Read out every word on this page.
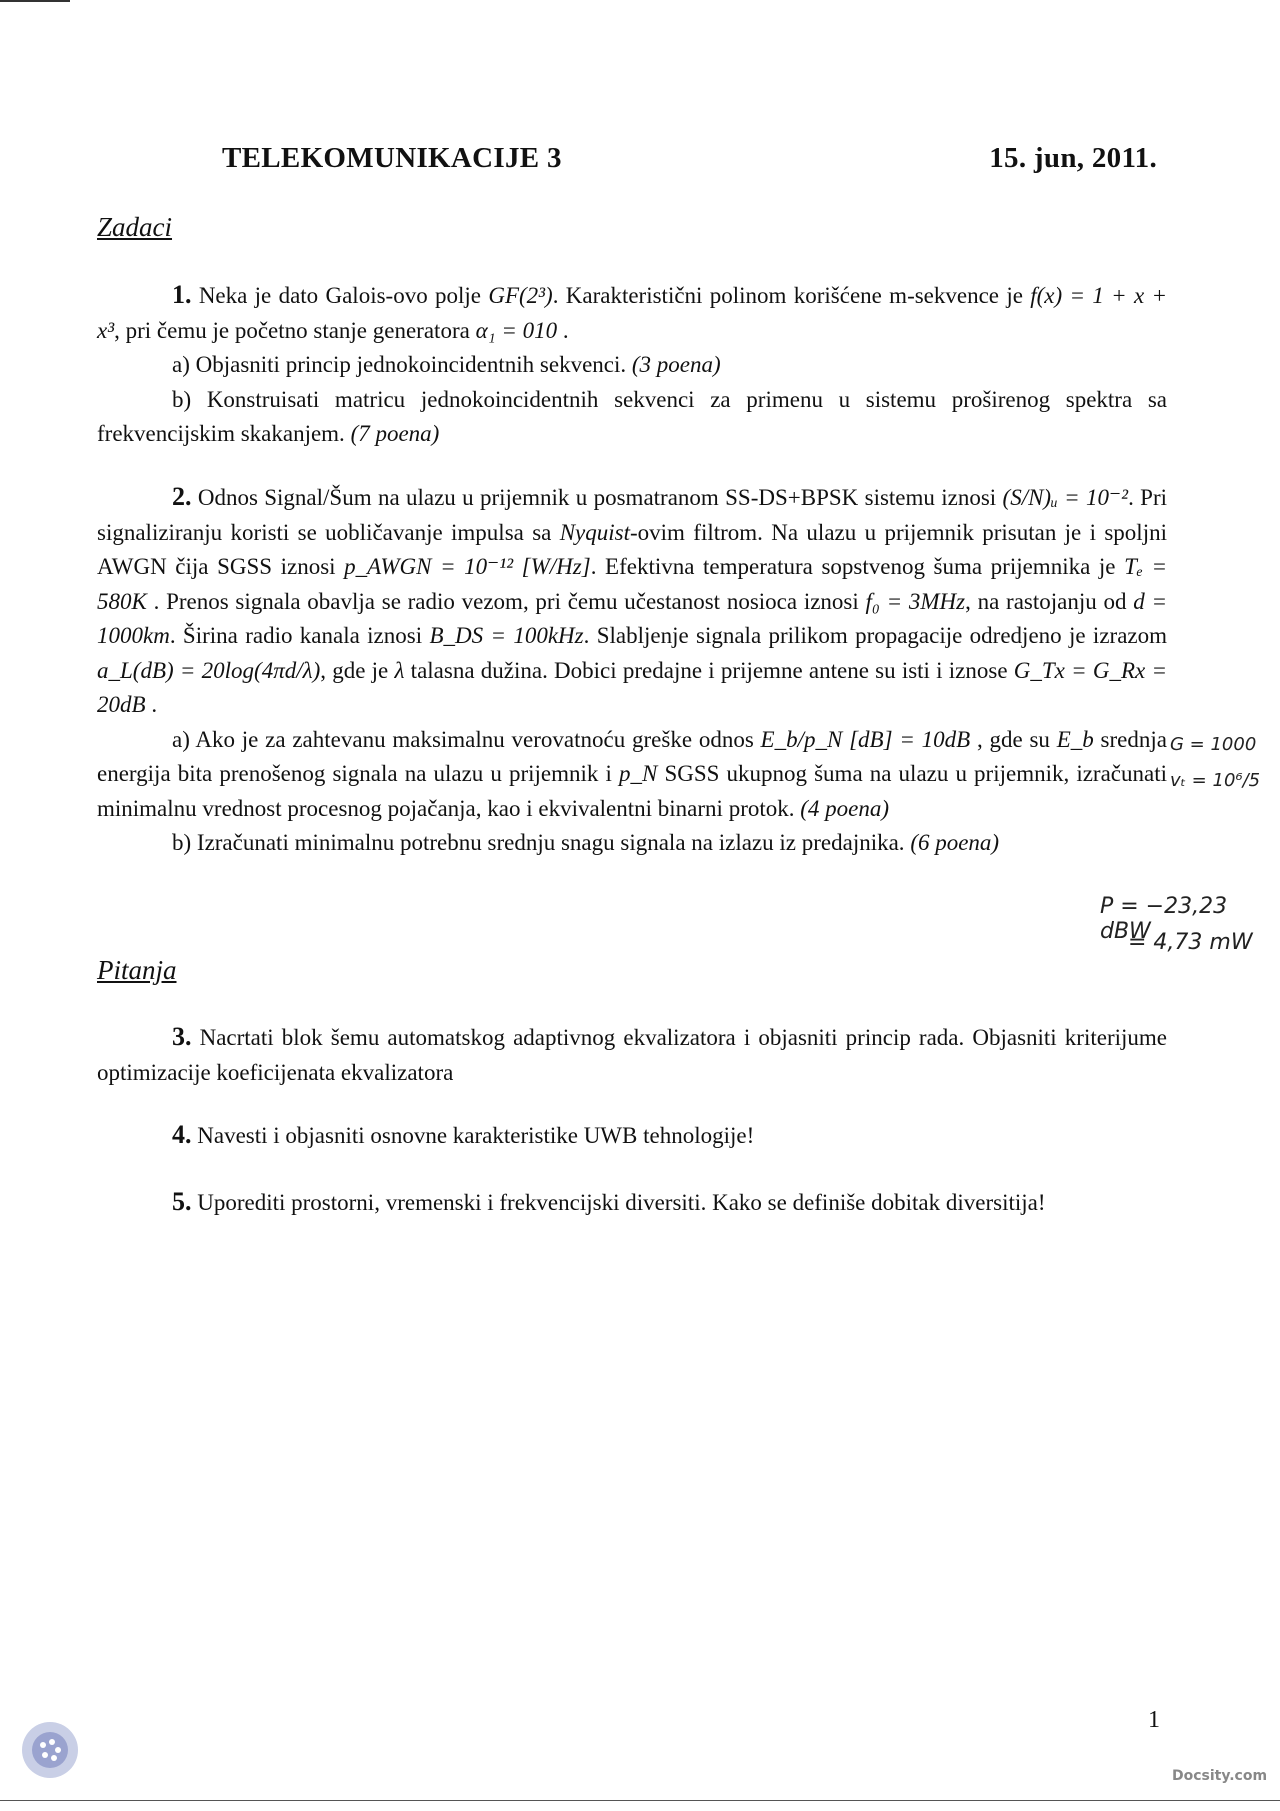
TELEKOMUNIKACIJE 3	15. jun, 2011.
Zadaci

1. Neka je dato Galois-ovo polje GF(2³). Karakteristični polinom korišćene m-sekvence je f(x) = 1 + x + x³, pri čemu je početno stanje generatora α₁ = 010 .

a) Objasniti princip jednokoincidentnih sekvenci. (3 poena)

b) Konstruisati matricu jednokoincidentnih sekvenci za primenu u sistemu proširenog spektra sa frekvencijskim skakanjem. (7 poena)

2. Odnos Signal/Šum na ulazu u prijemnik u posmatranom SS-DS+BPSK sistemu iznosi (S/N)ᵤ = 10⁻². Pri signaliziranju koristi se uobličavanje impulsa sa Nyquist-ovim filtrom. Na ulazu u prijemnik prisutan je i spoljni AWGN čija SGSS iznosi p_AWGN = 10⁻¹² [W/Hz]. Efektivna temperatura sopstvenog šuma prijemnika je Tₑ = 580K . Prenos signala obavlja se radio vezom, pri čemu učestanost nosioca iznosi f₀ = 3MHz, na rastojanju od d = 1000km. Širina radio kanala iznosi B_DS = 100kHz. Slabljenje signala prilikom propagacije odredjeno je izrazom a_L(dB) = 20log(4πd/λ), gde je λ talasna dužina. Dobici predajne i prijemne antene su isti i iznose G_Tx = G_Rx = 20dB .

a) Ako je za zahtevanu maksimalnu verovatnoću greške odnos E_b/p_N [dB] = 10dB , gde su E_b srednja energija bita prenošenog signala na ulazu u prijemnik i p_N SGSS ukupnog šuma na ulazu u prijemnik, izračunati minimalnu vrednost procesnog pojačanja, kao i ekvivalentni binarni protok. (4 poena)

b) Izračunati minimalnu potrebnu srednju snagu signala na izlazu iz predajnika. (6 poena)

Pitanja

3. Nacrtati blok šemu automatskog adaptivnog ekvalizatora i objasniti princip rada. Objasniti kriterijume optimizacije koeficijenata ekvalizatora

4. Navesti i objasniti osnovne karakteristike UWB tehnologije!

5. Uporediti prostorni, vremenski i frekvencijski diversiti. Kako se definiše dobitak diversitija!

G = 1000
vₜ = 10⁶/5
P = −23,23 dBW
= 4,73 mW
1
Docsity.com
